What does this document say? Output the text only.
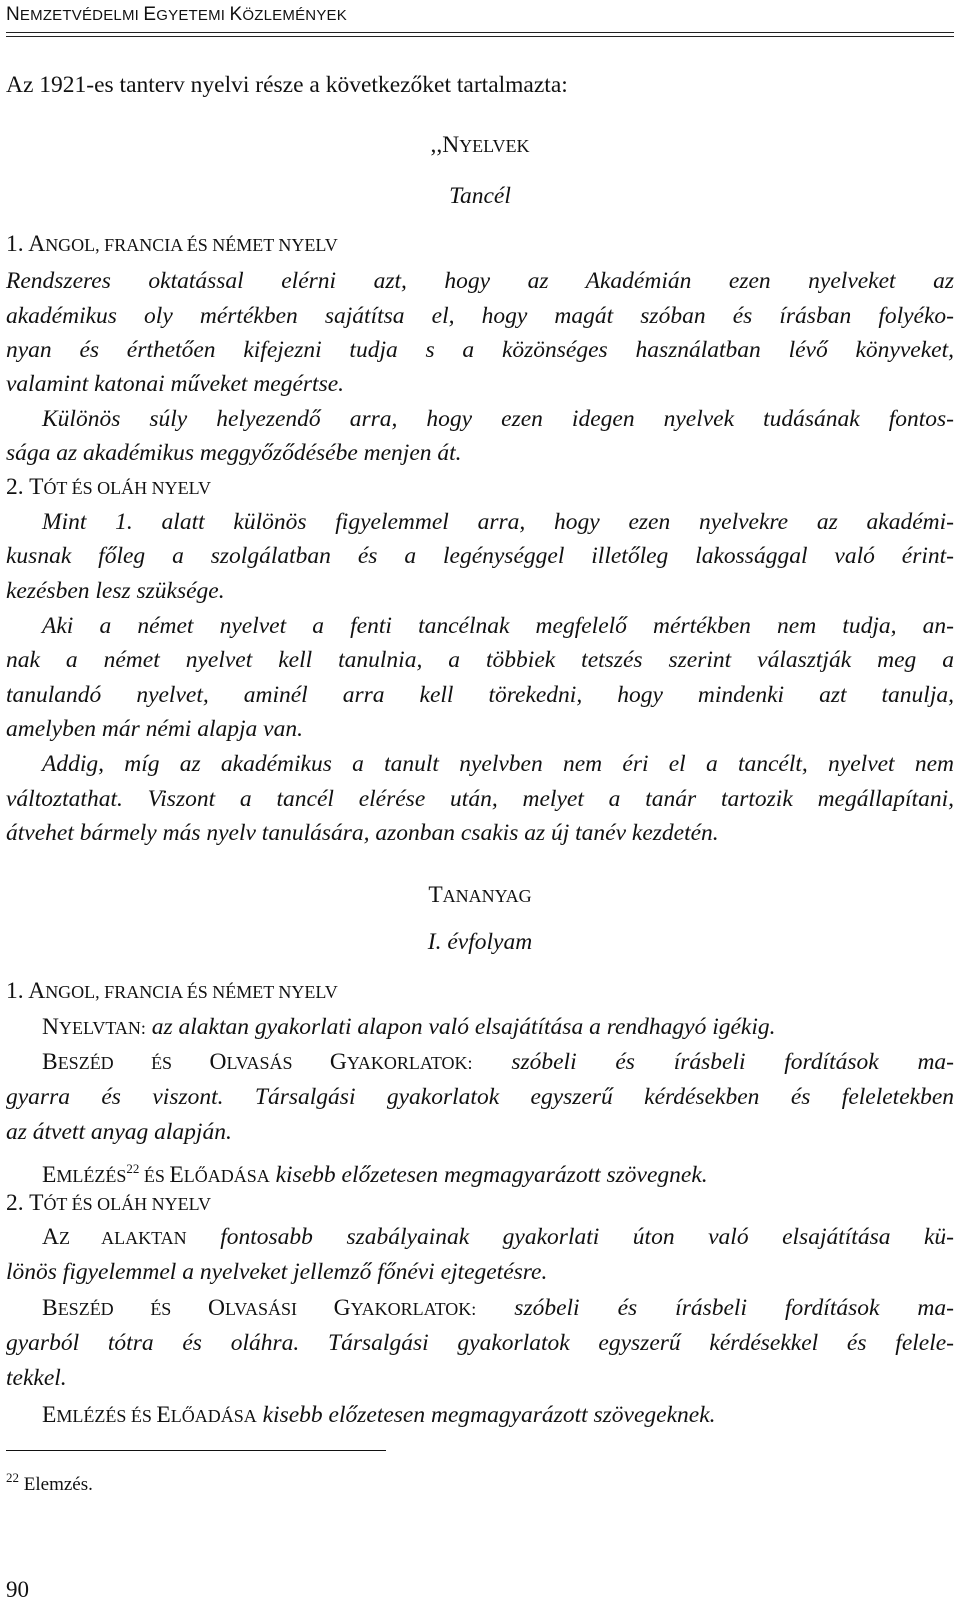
NEMZETVÉDELMI EGYETEMI KÖZLEMÉNYEK
Az 1921-es tanterv nyelvi része a következőket tartalmazta:
,,NYELVEK
Tancél
1. ANGOL, FRANCIA ÉS NÉMET NYELV
Rendszeres oktatással elérni azt, hogy az Akadémián ezen nyelveket az
akadémikus oly mértékben sajátítsa el, hogy magát szóban és írásban folyéko-
nyan és érthetően kifejezni tudja s a közönséges használatban lévő könyveket,
valamint katonai műveket megértse.
Különös súly helyezendő arra, hogy ezen idegen nyelvek tudásának fontos-
sága az akadémikus meggyőződésébe menjen át.
2. TÓT ÉS OLÁH NYELV
Mint 1. alatt különös figyelemmel arra, hogy ezen nyelvekre az akadémi-
kusnak főleg a szolgálatban és a legénységgel illetőleg lakossággal való érint-
kezésben lesz szüksége.
Aki a német nyelvet a fenti tancélnak megfelelő mértékben nem tudja, an-
nak a német nyelvet kell tanulnia, a többiek tetszés szerint választják meg a
tanulandó nyelvet, aminél arra kell törekedni, hogy mindenki azt tanulja,
amelyben már némi alapja van.
Addig, míg az akadémikus a tanult nyelvben nem éri el a tancélt, nyelvet nem
változtathat. Viszont a tancél elérése után, melyet a tanár tartozik megállapítani,
átvehet bármely más nyelv tanulására, azonban csakis az új tanév kezdetén.
TANANYAG
I. évfolyam
1. ANGOL, FRANCIA ÉS NÉMET NYELV
NYELVTAN: az alaktan gyakorlati alapon való elsajátítása a rendhagyó igékig.
BESZÉD ÉS OLVASÁS GYAKORLATOK: szóbeli és írásbeli fordítások ma-
gyarra és viszont. Társalgási gyakorlatok egyszerű kérdésekben és feleletekben
az átvett anyag alapján.
EMLÉZÉS$^{22}$ ÉS ELŐADÁSA kisebb előzetesen megmagyarázott szövegnek.
2. TÓT ÉS OLÁH NYELV
AZ ALAKTAN fontosabb szabályainak gyakorlati úton való elsajátítása kü-
lönös figyelemmel a nyelveket jellemző főnévi ejtegetésre.
BESZÉD ÉS OLVASÁSI GYAKORLATOK: szóbeli és írásbeli fordítások ma-
gyarból tótra és oláhra. Társalgási gyakorlatok egyszerű kérdésekkel és felele-
tekkel.
EMLÉZÉS ÉS ELŐADÁSA kisebb előzetesen megmagyarázott szövegeknek.
$^{22}$ Elemzés.
90
